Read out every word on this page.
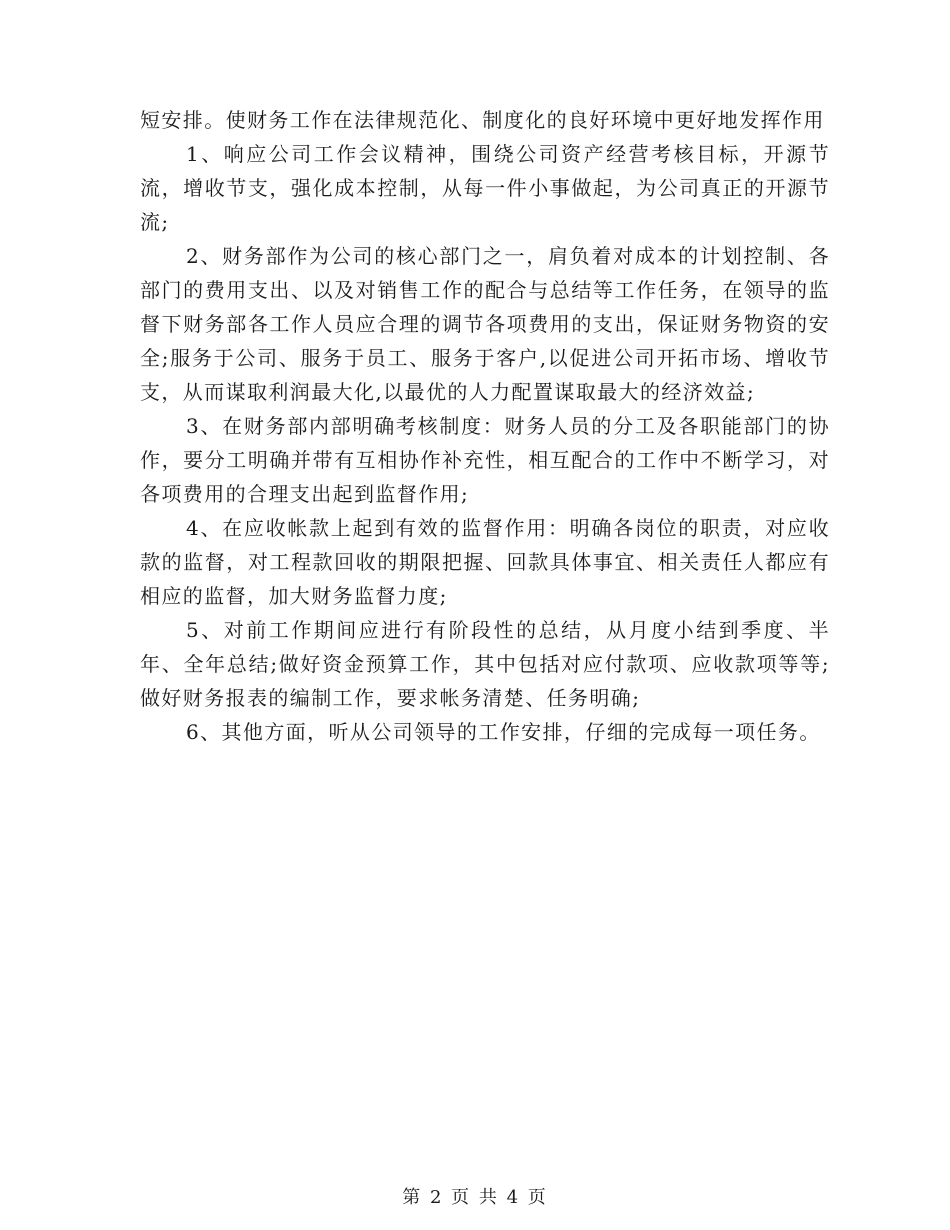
短安排。使财务工作在法律规范化、制度化的良好环境中更好地发挥作用

1、响应公司工作会议精神，围绕公司资产经营考核目标，开源节流，增收节支，强化成本控制，从每一件小事做起，为公司真正的开源节流;

2、财务部作为公司的核心部门之一，肩负着对成本的计划控制、各部门的费用支出、以及对销售工作的配合与总结等工作任务，在领导的监督下财务部各工作人员应合理的调节各项费用的支出，保证财务物资的安全;服务于公司、服务于员工、服务于客户,以促进公司开拓市场、增收节支，从而谋取利润最大化,以最优的人力配置谋取最大的经济效益;

3、在财务部内部明确考核制度：财务人员的分工及各职能部门的协作，要分工明确并带有互相协作补充性，相互配合的工作中不断学习，对各项费用的合理支出起到监督作用;

4、在应收帐款上起到有效的监督作用：明确各岗位的职责，对应收款的监督，对工程款回收的期限把握、回款具体事宜、相关责任人都应有相应的监督，加大财务监督力度;

5、对前工作期间应进行有阶段性的总结，从月度小结到季度、半年、全年总结;做好资金预算工作，其中包括对应付款项、应收款项等等;做好财务报表的编制工作，要求帐务清楚、任务明确;

6、其他方面，听从公司领导的工作安排，仔细的完成每一项任务。

第 2 页 共 4 页
